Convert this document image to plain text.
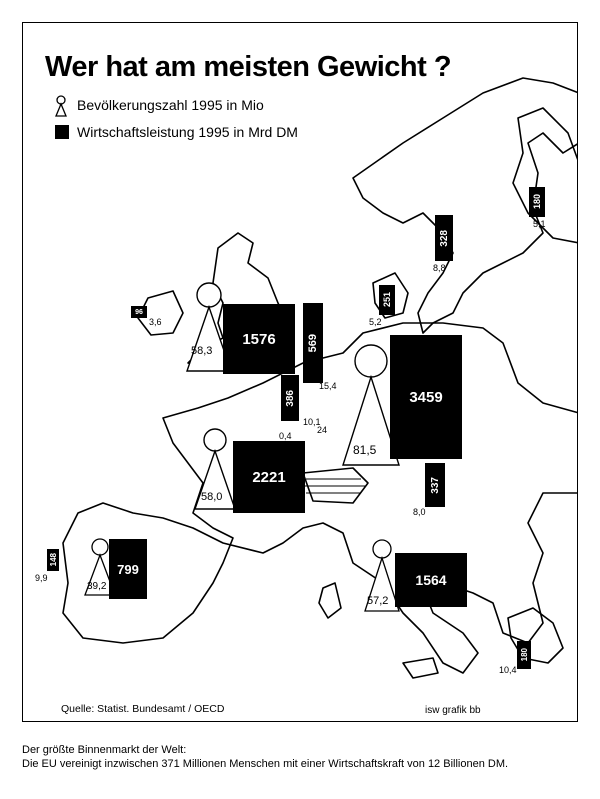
Wer hat am meisten Gewicht ?
Bevölkerungszahl 1995 in Mio
Wirtschaftsleistung 1995 in Mrd DM
58,3
1576	569
15,4
386
10,1
24
81,5
3459
58,0
2221	337
8,0
39,2
799
148
9,9
57,2
1564
328
8,8
180
5,1
251
5,2
96
3,6
180
10,4
0,4
Quelle: Statist. Bundesamt / OECD	isw grafik bb
Der größte Binnenmarkt der Welt:
Die EU vereinigt inzwischen 371 Millionen Menschen mit einer Wirtschaftskraft von 12 Billionen DM.
